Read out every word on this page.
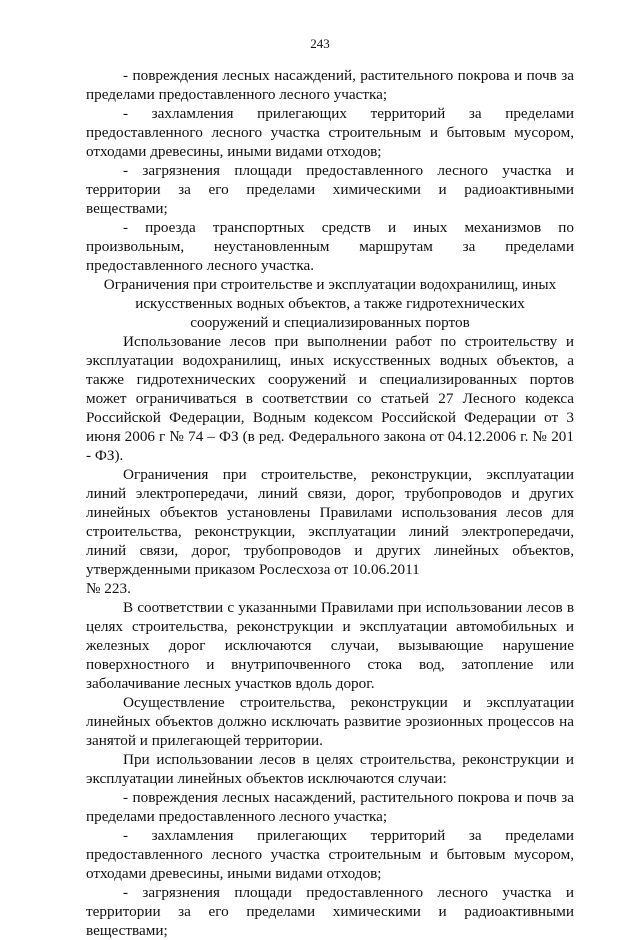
243

- повреждения лесных насаждений, растительного покрова и почв за пределами предоставленного лесного участка;

- захламления прилегающих территорий за пределами предоставленного лесного участка строительным и бытовым мусором, отходами древесины, иными видами отходов;

- загрязнения площади предоставленного лесного участка и территории за его пределами химическими и радиоактивными веществами;

- проезда транспортных средств и иных механизмов по произвольным, неустановленным маршрутам за пределами предоставленного лесного участка.

Ограничения при строительстве и эксплуатации водохранилищ, иных искусственных водных объектов, а также гидротехнических сооружений и специализированных портов

Использование лесов при выполнении работ по строительству и эксплуатации водохранилищ, иных искусственных водных объектов, а также гидротехнических сооружений и специализированных портов может ограничиваться в соответствии со статьей 27 Лесного кодекса Российской Федерации, Водным кодексом Российской Федерации от 3 июня 2006 г № 74 – ФЗ (в ред. Федерального закона от 04.12.2006 г. № 201 - ФЗ).

Ограничения при строительстве, реконструкции, эксплуатации линий электропередачи, линий связи, дорог, трубопроводов и других линейных объектов установлены Правилами использования лесов для строительства, реконструкции, эксплуатации линий электропередачи, линий связи, дорог, трубопроводов и других линейных объектов, утвержденными приказом Рослесхоза от 10.06.2011

№ 223.

В соответствии с указанными Правилами при использовании лесов в целях строительства, реконструкции и эксплуатации автомобильных и железных дорог исключаются случаи, вызывающие нарушение поверхностного и внутрипочвенного стока вод, затопление или заболачивание лесных участков вдоль дорог.

Осуществление строительства, реконструкции и эксплуатации линейных объектов должно исключать развитие эрозионных процессов на занятой и прилегающей территории.

При использовании лесов в целях строительства, реконструкции и эксплуатации линейных объектов исключаются случаи:

- повреждения лесных насаждений, растительного покрова и почв за пределами предоставленного лесного участка;

- захламления прилегающих территорий за пределами предоставленного лесного участка строительным и бытовым мусором, отходами древесины, иными видами отходов;

- загрязнения площади предоставленного лесного участка и территории за его пределами химическими и радиоактивными веществами;
